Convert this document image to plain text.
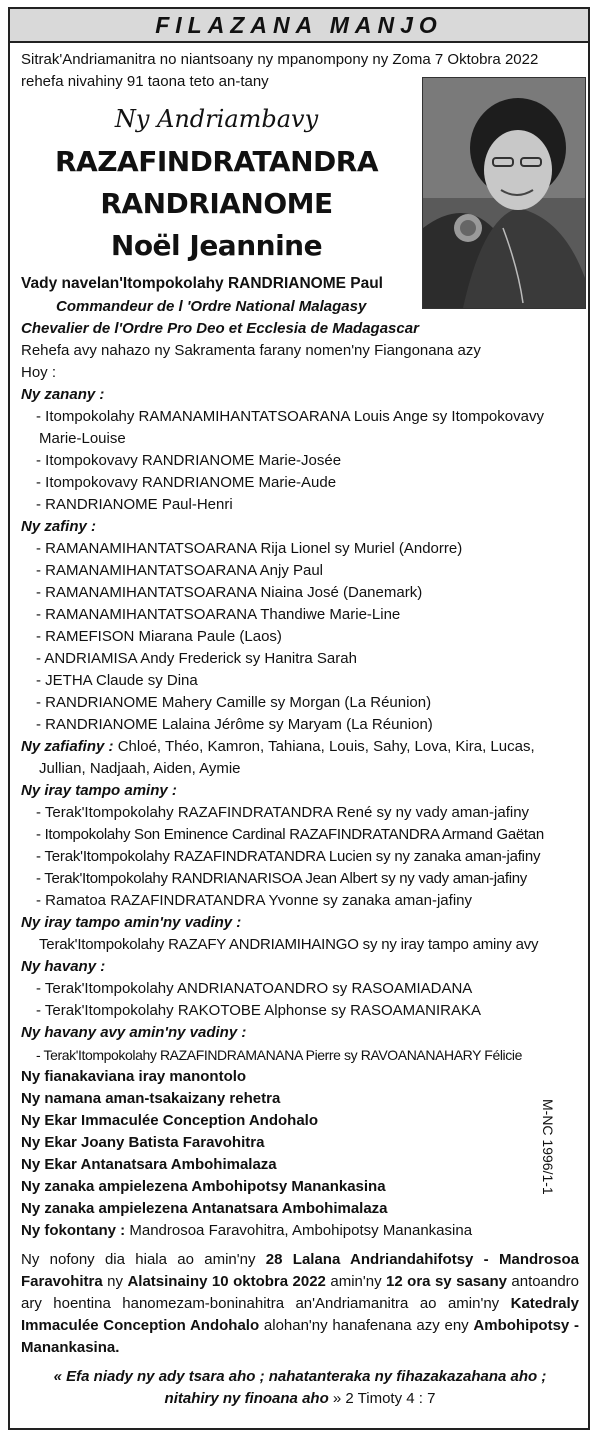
FILAZANA MANJO
Sitrak'Andriamanitra no niantsoany ny mpanompony ny Zoma 7 Oktobra 2022
rehefa nivahiny 91 taona teto an-tany
Ny Andriambavy
RAZAFINDRATANDRA
RANDRIANOME
Noël Jeannine
Vady navelan'Itompokolahy RANDRIANOME Paul
Commandeur de l 'Ordre National Malagasy
Chevalier de l'Ordre Pro Deo et Ecclesia de Madagascar
Rehefa avy nahazo ny Sakramenta farany nomen'ny Fiangonana azy
Hoy :
Ny zanany :
- Itompokolahy RAMANAMIHANTATSOARANA Louis Ange sy Itompokovavy
Marie-Louise
- Itompokovavy RANDRIANOME Marie-Josée
- Itompokovavy RANDRIANOME Marie-Aude
- RANDRIANOME Paul-Henri
Ny zafiny :
- RAMANAMIHANTATSOARANA Rija Lionel sy Muriel (Andorre)
- RAMANAMIHANTATSOARANA Anjy Paul
- RAMANAMIHANTATSOARANA Niaina José (Danemark)
- RAMANAMIHANTATSOARANA Thandiwe Marie-Line
- RAMEFISON Miarana Paule (Laos)
- ANDRIAMISA Andy Frederick sy Hanitra Sarah
- JETHA Claude sy Dina
- RANDRIANOME Mahery Camille sy Morgan (La Réunion)
- RANDRIANOME Lalaina Jérôme sy Maryam (La Réunion)
Ny zafiafiny : Chloé, Théo, Kamron, Tahiana, Louis, Sahy, Lova, Kira, Lucas,
Jullian, Nadjaah, Aiden, Aymie
Ny iray tampo aminy :
- Terak'Itompokolahy RAZAFINDRATANDRA René sy ny vady aman-jafiny
- Itompokolahy Son Eminence Cardinal RAZAFINDRATANDRA Armand Gaëtan
- Terak'Itompokolahy RAZAFINDRATANDRA Lucien sy ny zanaka aman-jafiny
- Terak'Itompokolahy RANDRIANARISOA Jean Albert sy ny vady aman-jafiny
- Ramatoa RAZAFINDRATANDRA Yvonne sy zanaka aman-jafiny
Ny iray tampo amin'ny vadiny :
Terak'Itompokolahy RAZAFY ANDRIAMIHAINGO sy ny iray tampo aminy avy
Ny havany :
- Terak'Itompokolahy ANDRIANATOANDRO sy RASOAMIADANA
- Terak'Itompokolahy RAKOTOBE Alphonse sy RASOAMANIRAKA
Ny havany avy amin'ny vadiny :
- Terak'Itompokolahy RAZAFINDRAMANANA Pierre sy RAVOANANAHARY Félicie
Ny fianakaviana iray manontolo
Ny namana aman-tsakaizany rehetra
Ny Ekar Immaculée Conception Andohalo
Ny Ekar Joany Batista Faravohitra
Ny Ekar Antanatsara Ambohimalaza
Ny zanaka ampielezena Ambohipotsy Manankasina
Ny zanaka ampielezena Antanatsara Ambohimalaza
Ny fokontany : Mandrosoa Faravohitra, Ambohipotsy Manankasina
M-NC 1996/1-1
Ny nofony dia hiala ao amin'ny 28 Lalana Andriandahifotsy - Mandrosoa Faravohitra ny Alatsinainy 10 oktobra 2022 amin'ny 12 ora sy sasany antoandro ary hoentina hanomezam-boninahitra an'Andriamanitra ao amin'ny Katedraly Immaculée Conception Andohalo alohan'ny hanafenana azy eny Ambohipotsy - Manankasina.
« Efa niady ny ady tsara aho ; nahatanteraka ny fihazakazahana aho ;
nitahiry ny finoana aho » 2 Timoty 4 : 7
